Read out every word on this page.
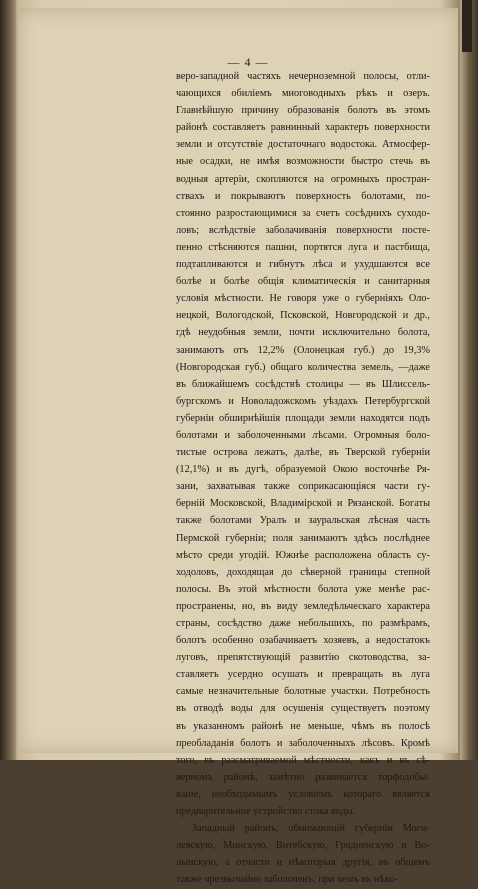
— 4 —
веро-западной частяхъ нечерноземной полосы, отли-
чающихся обиліемъ многоводныхъ рѣкъ и озеръ.
Главнѣйшую причину образованія болотъ въ этомъ
районѣ составляетъ равнинный характеръ поверхности
земли и отсутствіе достаточнаго водостока. Атмосфер-
ные осадки, не имѣя возможности быстро стечь въ
водныя артеріи, скопляются на огромныхъ простран-
ствахъ и покрываютъ поверхность болотами, по-
стоянно разростающимися за счетъ сосѣднихъ суходо-
ловъ; вслѣдствіе заболачиванія поверхности посте-
пенно стѣсняются пашни, портятся луга и пастбища,
подтапливаются и гибнутъ лѣса и ухудшаются все
болѣе и болѣе общія климатическія и санитарныя
условія мѣстности. Не говоря уже о губерніяхъ Оло-
нецкой, Вологодской, Псковской, Новгородской и др.,
гдѣ неудобныя земли, почти исключительно болота,
занимаютъ отъ 12,2% (Олонецкая губ.) до 19,3%
(Новгородская губ.) общаго количества земель, —даже
въ ближайшемъ сосѣдствѣ столицы — въ Шлиссель-
бургскомъ и Новоладожскомъ уѣздахъ Петербургской
губерніи обширнѣйшія площади земли находятся подъ
болотами и заболоченными лѣсами. Огромныя боло-
тистые острова лежатъ, далѣе, въ Тверской губерніи
(12,1%) и въ дугѣ, образуемой Окою восточнѣе Ря-
зани, захватывая также соприкасающіяся части гу-
берній Московской, Владимірской и Рязанской. Богаты
также болотами Уралъ и зауральская лѣсная часть
Пермской губерніи; поля занимаютъ здѣсь послѣднее
мѣсто среди угодій. Южнѣе расположена область су-
ходоловъ, доходящая до сѣверной границы степной
полосы. Въ этой мѣстности болота уже менѣе рас-
пространены, но, въ виду земледѣльческаго характера
страны, сосѣдство даже небольшихъ, по размѣрамъ,
болотъ особенно озабачиваетъ хозяевъ, а недостатокъ
луговъ, препятствующій развитію скотоводства, за-
ставляетъ усердно осушать и превращать въ луга
самые незначительные болотные участки. Потребность
въ отводѣ воды для осушенія существуетъ поэтому
въ указанномъ районѣ не меньше, чѣмъ въ полосѣ
преобладанія болотъ и заболоченныхъ лѣсовъ. Кромѣ
того, въ разсматриваемой мѣстности, какъ и въ сѣ-
верномъ районѣ, замѣтно развивается торфодобы-
ваніе, необходимымъ условіемъ котораго является
предварительное устройство стока воды.
Западный районъ, обнимающій губерніи Моги-
левскую, Минскую, Витебскую, Гродненскую и Во-
лынскую, а отчасти и нѣкоторыя другія, въ общемъ
также чрезвычайно заболоченъ, при чемъ въ нѣко-
